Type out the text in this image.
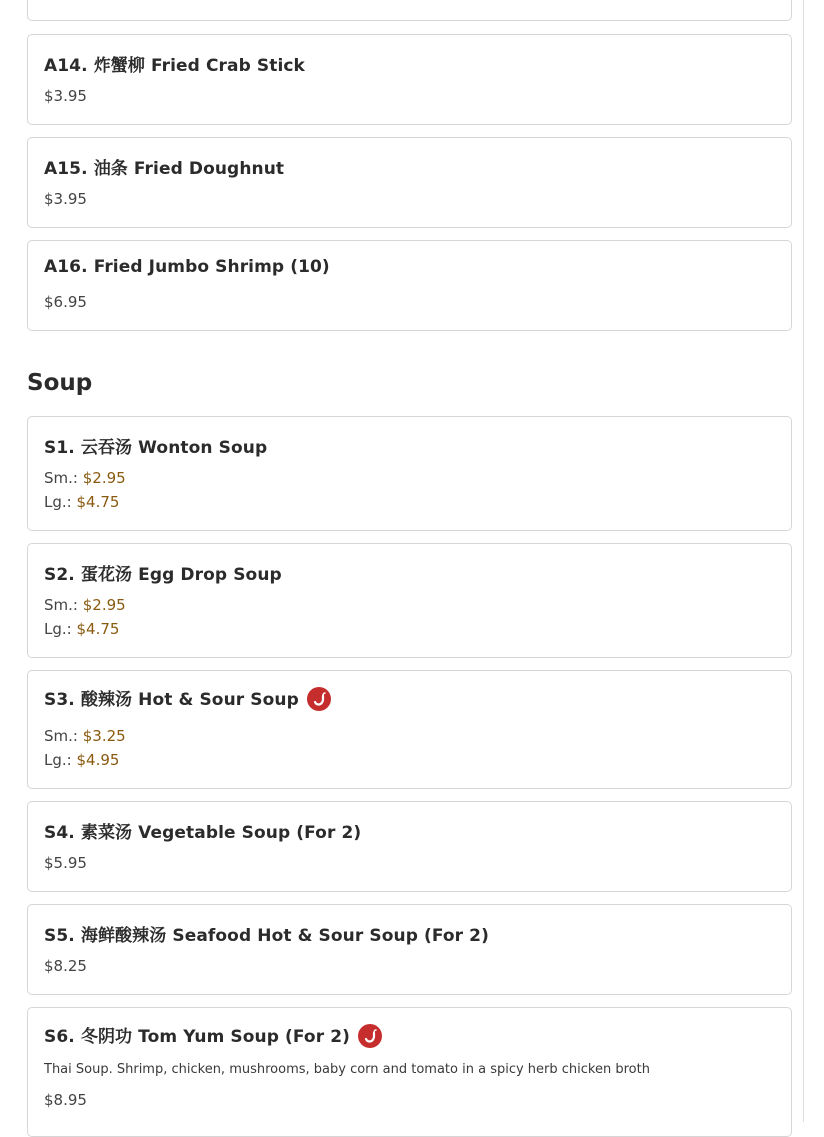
A14. 炸蟹柳 Fried Crab Stick
$3.95
A15. 油条 Fried Doughnut
$3.95
A16. Fried Jumbo Shrimp (10)
$6.95
Soup
S1. 云吞汤 Wonton Soup
Sm.: $2.95
Lg.: $4.75
S2. 蛋花汤 Egg Drop Soup
Sm.: $2.95
Lg.: $4.75
S3. 酸辣汤 Hot & Sour Soup
Sm.: $3.25
Lg.: $4.95
S4. 素菜汤 Vegetable Soup (For 2)
$5.95
S5. 海鲜酸辣汤 Seafood Hot & Sour Soup (For 2)
$8.25
S6. 冬阴功 Tom Yum Soup (For 2)
Thai Soup. Shrimp, chicken, mushrooms, baby corn and tomato in a spicy herb chicken broth
$8.95
